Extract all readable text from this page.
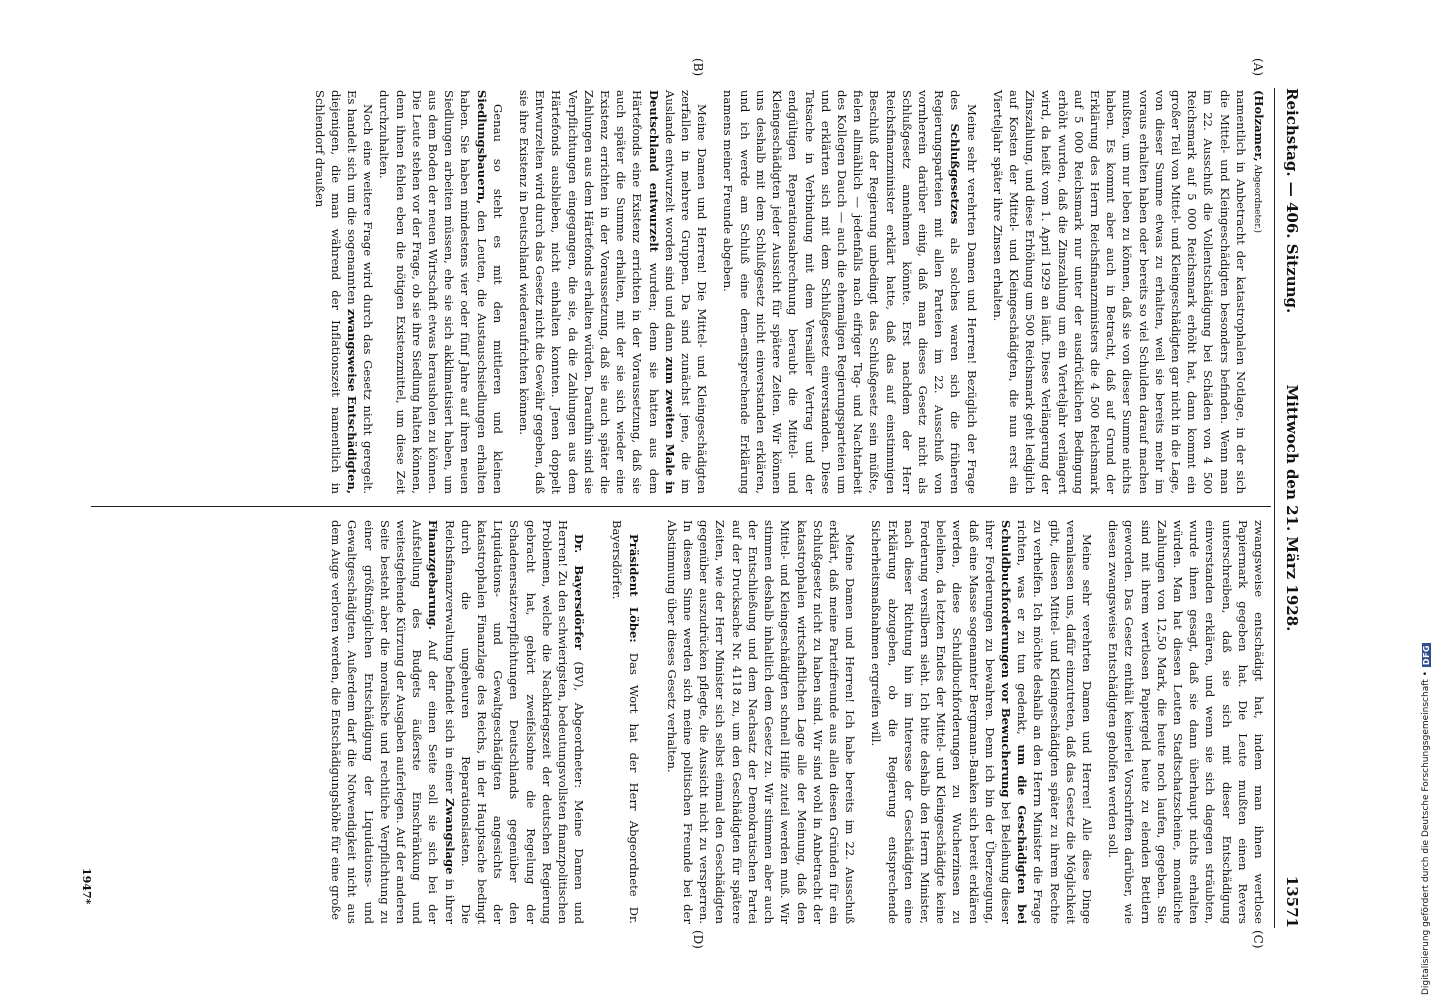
Reichstag. — 406. Sitzung.
Mittwoch den 21. März 1928.
13571
(A)
(B)
(C)
(D)

(Holzamer, Abgeordneter.)

namentlich in Anbetracht der katastrophalen Notlage, in der sich die Mittel- und Kleingeschädigten besonders befinden. Wenn man im 22. Ausschuß die Vollentschädigung bei Schäden von 4 500 Reichsmark auf 5 000 Reichsmark erhöht hat, dann kommt ein großer Teil von Mittel- und Kleingeschädigten gar nicht in die Lage, von dieser Summe etwas zu erhalten, weil sie bereits mehr im voraus erhalten haben oder bereits so viel Schulden darauf machen mußten, um nur leben zu können, daß sie von dieser Summe nichts haben. Es kommt aber auch in Betracht, daß auf Grund der Erklärung des Herrn Reichsfinanzministers die 4 500 Reichsmark auf 5 000 Reichsmark nur unter der ausdrücklichen Bedingung erhöht wurden, daß die Zinszahlung um ein Vierteljahr verlängert wird, da heißt vom 1. April 1929 an läuft. Diese Verlängerung der Zinszahlung, und diese Erhöhung um 500 Reichsmark geht lediglich auf Kosten der Mittel- und Kleingeschädigten, die nun erst ein Vierteljahr später ihre Zinsen erhalten.

Meine sehr verehrten Damen und Herren! Bezüglich der Frage des Schlußgesetzes als solches waren sich die früheren Regierungsparteien mit allen Parteien im 22. Ausschuß von vornherein darüber einig, daß man dieses Gesetz nicht als Schlußgesetz annehmen könnte. Erst nachdem der Herr Reichsfinanzminister erklärt hatte, daß das auf einstimmigen Beschluß der Regierung unbedingt das Schlußgesetz sein müßte, fielen allmählich — jedenfalls nach eifriger Tag- und Nachtarbeit des Kollegen Dauch — auch die ehemaligen Regierungsparteien um und erklärten sich mit dem Schlußgesetz einverstanden. Diese Tatsache in Verbindung mit dem Versailler Vertrag und der endgültigen Reparationsabrechnung beraubt die Mittel- und Kleingeschädigten jeder Aussicht für spätere Zeiten. Wir können uns deshalb mit dem Schlußgesetz nicht einverstanden erklären, und ich werde am Schluß eine dem-entsprechende Erklärung namens meiner Freunde abgeben.

Meine Damen und Herren! Die Mittel- und Kleingeschädigten zerfallen in mehrere Gruppen. Da sind zunächst jene, die im Auslande entwurzelt worden sind und dann zum zweiten Male in Deutschland entwurzelt wurden; denn sie hatten aus dem Härtefonds eine Existenz errichten in der Voraussetzung, daß sie auch später die Summe erhalten, mit der sie sich wieder eine Existenz errichten in der Voraussetzung, daß sie auch später die Zahlungen aus dem Härtefonds erhalten würden. Daraufhin sind sie Verpflichtungen eingegangen, die sie, da die Zahlungen aus dem Härtefonds ausblieben, nicht einhalten konnten. Jenen doppelt Entwurzelten wird durch das Gesetz nicht die Gewähr gegeben, daß sie ihre Existenz in Deutschland wiederaufrichten können.

Genau so steht es mit den mittleren und kleinen Siedlungsbauern, den Leuten, die Austauschsiedlungen erhalten haben. Sie haben mindestens vier oder fünf Jahre auf ihren neuen Siedlungen arbeiten müssen, ehe sie sich akklimatisiert haben, um aus dem Boden der neuen Wirtschaft etwas herausholen zu können. Die Leute stehen vor der Frage, ob sie ihre Siedlung halten können, denn ihnen fehlen eben die nötigen Existenzmittel, um diese Zeit durchzuhalten.

Noch eine weitere Frage wird durch das Gesetz nicht geregelt. Es handelt sich um die sogenannten zwangsweise Entschädigten, diejenigen, die man während der Inflationszeit namentlich in Schlendorf draußen

zwangsweise entschädigt hat, indem man ihnen wertlose Papiermark gegeben hat. Die Leute mußten einen Revers unterschreiben, daß sie sich mit dieser Entschädigung einverstanden erklären, und wenn sie sich dagegen sträubten, wurde ihnen gesagt, daß sie dann überhaupt nichts erhalten würden. Man hat diesen Leuten Stadtschatzscheine, monatliche Zahlungen von 12,50 Mark, die heute noch laufen, gegeben. Sie sind mit ihrem wertlosen Papiergeld heute zu elenden Bettlern geworden. Das Gesetz enthält keinerlei Vorschriften darüber, wie diesen zwangsweise Entschädigten geholfen werden soll.

Meine sehr verehrten Damen und Herren! Alle diese Dinge veranlassen uns, dafür einzutreten, daß das Gesetz die Möglichkeit gibt, diesen Mittel- und Kleingeschädigten später zu ihrem Rechte zu verhelfen. Ich möchte deshalb an den Herrn Minister die Frage richten, was er zu tun gedenkt, um die Geschädigten bei Schuldbuchforderungen vor Bewucherung bei Beleihung dieser ihrer Forderungen zu bewahren. Denn ich bin der Überzeugung, daß eine Masse sogenannter Bergmann-Banken sich bereit erklären werden, diese Schuldbuchforderungen zu Wucherzinsen zu beleihen, da letzten Endes der Mittel- und Kleingeschädigte keine Forderung versilbern sieht. Ich bitte deshalb den Herrn Minister, nach dieser Richtung hin im Interesse der Geschädigten eine Erklärung abzugeben, ob die Regierung entsprechende Sicherheitsmaßnahmen ergreifen will.

Meine Damen und Herren! Ich habe bereits im 22. Ausschuß erklärt, daß meine Parteifreunde aus allen diesen Gründen für ein Schlußgesetz nicht zu haben sind. Wir sind wohl in Anbetracht der katastrophalen wirtschaftlichen Lage alle der Meinung, daß den Mittel- und Kleingeschädigten schnell Hilfe zuteil werden muß. Wir stimmen deshalb inhaltlich dem Gesetz zu. Wir stimmen aber auch der Entschließung und dem Nachsatz der Demokratischen Partei auf der Drucksache Nr. 4118 zu, um den Geschädigten für spätere Zeiten, wie der Herr Minister sich selbst einmal den Geschädigten gegenüber auszudrücken pflegte, die Aussicht nicht zu versperren. In diesem Sinne werden sich meine politischen Freunde bei der Abstimmung über dieses Gesetz verhalten.

Präsident Löbe: Das Wort hat der Herr Abgeordnete Dr. Bayersdörfer.

Dr. Bayersdörfer (BV), Abgeordneter: Meine Damen und Herren! Zu den schwierigsten, bedeutungsvollsten finanzpolitischen Problemen, welche die Nachkriegszeit der deutschen Regierung gebracht hat, gehört zweifelsohne die Regelung der Schadenersatzverpflichtungen Deutschlands gegenüber den Liquidations- und Gewaltgeschädigten angesichts der katastrophalen Finanzlage des Reichs, in der Hauptsache bedingt durch die ungeheuren Reparationslasten. Die Reichsfinanzverwaltung befindet sich in einer Zwangslage in ihrer Finanzgebarung. Auf der einen Seite soll sie sich bei der Aufstellung des Budgets äußerste Einschränkung und weitestgehende Kürzung der Ausgaben auferlegen. Auf der anderen Seite besteht aber die moralische und rechtliche Verpflichtung zu einer größtmöglichen Entschädigung der Liquidations- und Gewaltgeschädigten. Außerdem darf die Notwendigkeit nicht aus dem Auge verloren werden, die Entschädigungshöhe für eine große

1947*	Digitalisierung gefördert durch die Deutsche Forschungsgemeinschaft •
DFG
